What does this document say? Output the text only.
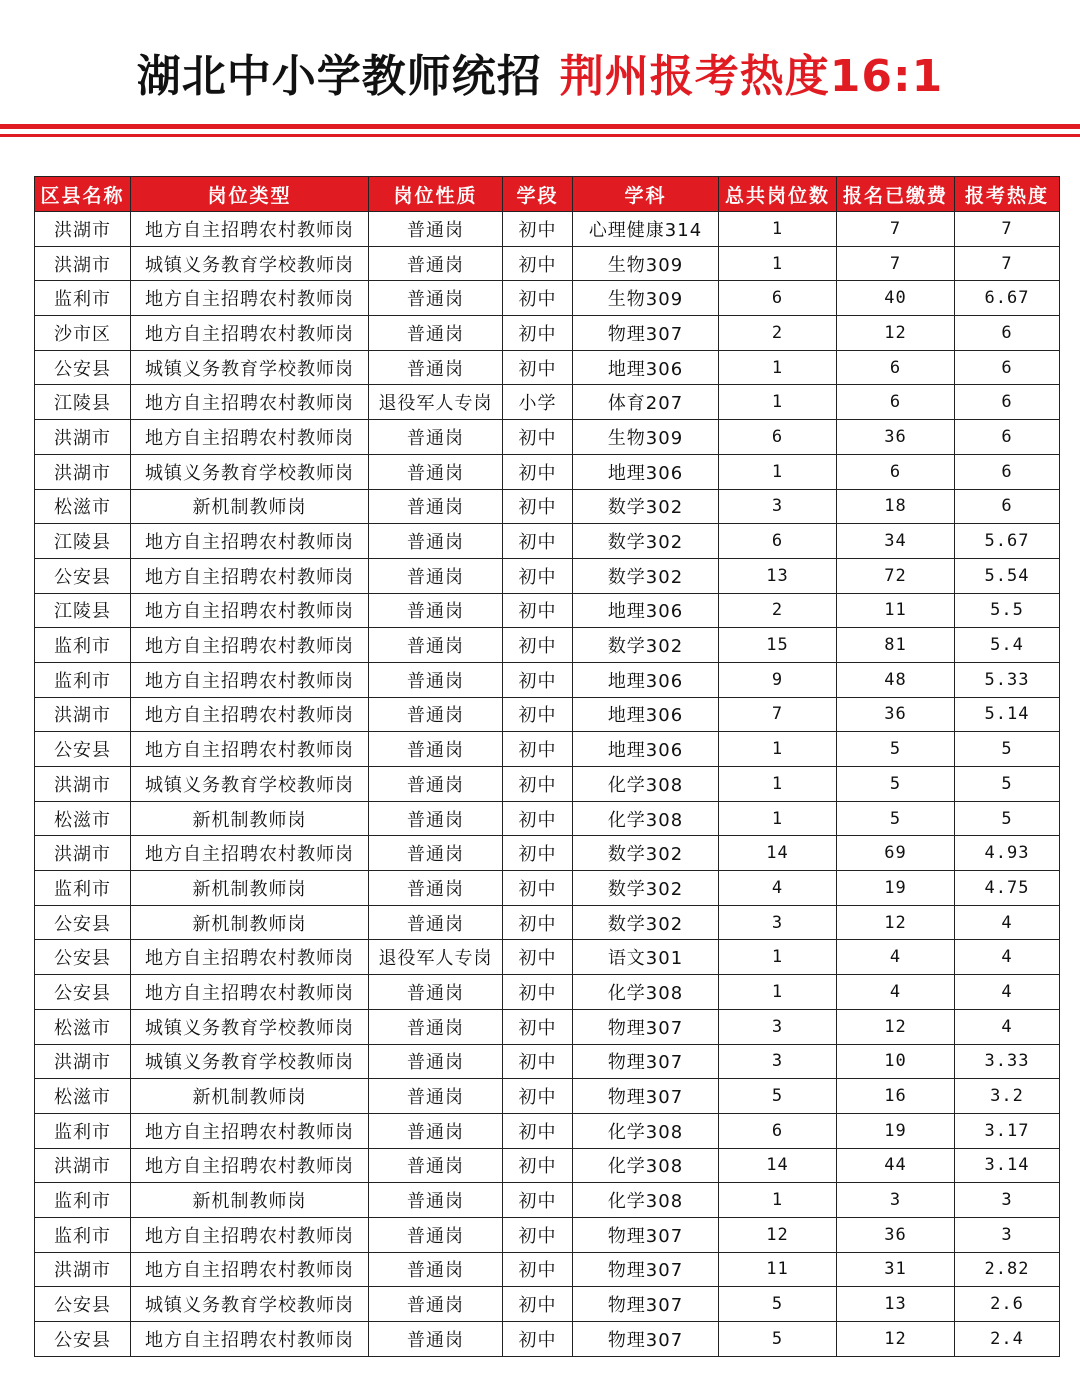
湖北中小学教师统招 荆州报考热度16:1
区县名称	岗位类型	岗位性质	学段	学科	总共岗位数	报名已缴费	报考热度
洪湖市	地方自主招聘农村教师岗	普通岗	初中	心理健康314	1	7	7
洪湖市	城镇义务教育学校教师岗	普通岗	初中	生物309	1	7	7
监利市	地方自主招聘农村教师岗	普通岗	初中	生物309	6	40	6.67
沙市区	地方自主招聘农村教师岗	普通岗	初中	物理307	2	12	6
公安县	城镇义务教育学校教师岗	普通岗	初中	地理306	1	6	6
江陵县	地方自主招聘农村教师岗	退役军人专岗	小学	体育207	1	6	6
洪湖市	地方自主招聘农村教师岗	普通岗	初中	生物309	6	36	6
洪湖市	城镇义务教育学校教师岗	普通岗	初中	地理306	1	6	6
松滋市	新机制教师岗	普通岗	初中	数学302	3	18	6
江陵县	地方自主招聘农村教师岗	普通岗	初中	数学302	6	34	5.67
公安县	地方自主招聘农村教师岗	普通岗	初中	数学302	13	72	5.54
江陵县	地方自主招聘农村教师岗	普通岗	初中	地理306	2	11	5.5
监利市	地方自主招聘农村教师岗	普通岗	初中	数学302	15	81	5.4
监利市	地方自主招聘农村教师岗	普通岗	初中	地理306	9	48	5.33
洪湖市	地方自主招聘农村教师岗	普通岗	初中	地理306	7	36	5.14
公安县	地方自主招聘农村教师岗	普通岗	初中	地理306	1	5	5
洪湖市	城镇义务教育学校教师岗	普通岗	初中	化学308	1	5	5
松滋市	新机制教师岗	普通岗	初中	化学308	1	5	5
洪湖市	地方自主招聘农村教师岗	普通岗	初中	数学302	14	69	4.93
监利市	新机制教师岗	普通岗	初中	数学302	4	19	4.75
公安县	新机制教师岗	普通岗	初中	数学302	3	12	4
公安县	地方自主招聘农村教师岗	退役军人专岗	初中	语文301	1	4	4
公安县	地方自主招聘农村教师岗	普通岗	初中	化学308	1	4	4
松滋市	城镇义务教育学校教师岗	普通岗	初中	物理307	3	12	4
洪湖市	城镇义务教育学校教师岗	普通岗	初中	物理307	3	10	3.33
松滋市	新机制教师岗	普通岗	初中	物理307	5	16	3.2
监利市	地方自主招聘农村教师岗	普通岗	初中	化学308	6	19	3.17
洪湖市	地方自主招聘农村教师岗	普通岗	初中	化学308	14	44	3.14
监利市	新机制教师岗	普通岗	初中	化学308	1	3	3
监利市	地方自主招聘农村教师岗	普通岗	初中	物理307	12	36	3
洪湖市	地方自主招聘农村教师岗	普通岗	初中	物理307	11	31	2.82
公安县	城镇义务教育学校教师岗	普通岗	初中	物理307	5	13	2.6
公安县	地方自主招聘农村教师岗	普通岗	初中	物理307	5	12	2.4
